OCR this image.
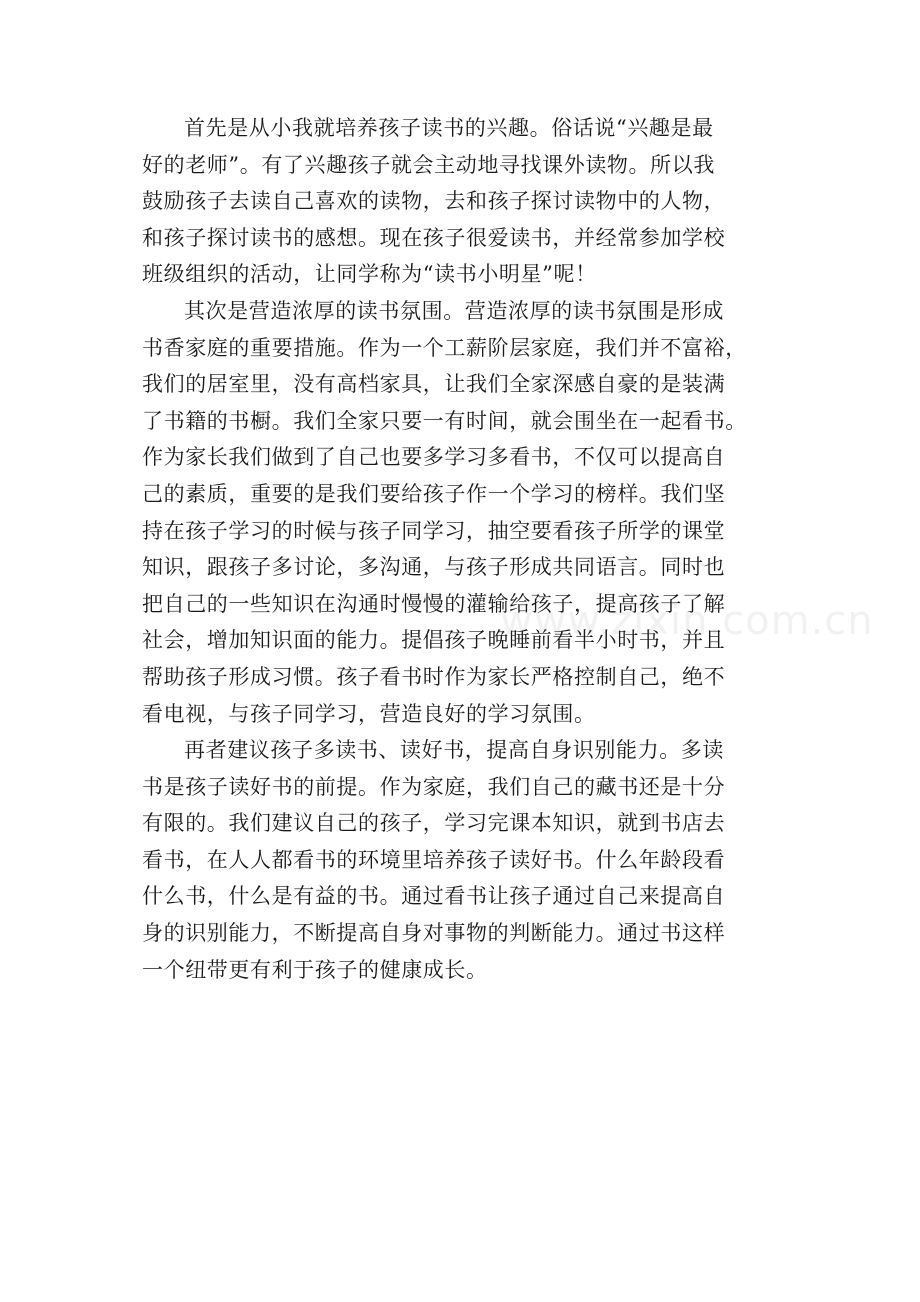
首先是从小我就培养孩子读书的兴趣。俗话说“兴趣是最
好的老师”。有了兴趣孩子就会主动地寻找课外读物。所以我
鼓励孩子去读自己喜欢的读物，去和孩子探讨读物中的人物，
和孩子探讨读书的感想。现在孩子很爱读书，并经常参加学校
班级组织的活动，让同学称为“读书小明星”呢！

其次是营造浓厚的读书氛围。营造浓厚的读书氛围是形成
书香家庭的重要措施。作为一个工薪阶层家庭，我们并不富裕，
我们的居室里，没有高档家具，让我们全家深感自豪的是装满
了书籍的书橱。我们全家只要一有时间，就会围坐在一起看书。
作为家长我们做到了自己也要多学习多看书，不仅可以提高自
己的素质，重要的是我们要给孩子作一个学习的榜样。我们坚
持在孩子学习的时候与孩子同学习，抽空要看孩子所学的课堂
知识，跟孩子多讨论，多沟通，与孩子形成共同语言。同时也
把自己的一些知识在沟通时慢慢的灌输给孩子，提高孩子了解
社会，增加知识面的能力。提倡孩子晚睡前看半小时书，并且
帮助孩子形成习惯。孩子看书时作为家长严格控制自己，绝不
看电视，与孩子同学习，营造良好的学习氛围。

再者建议孩子多读书、读好书，提高自身识别能力。多读
书是孩子读好书的前提。作为家庭，我们自己的藏书还是十分
有限的。我们建议自己的孩子，学习完课本知识，就到书店去
看书，在人人都看书的环境里培养孩子读好书。什么年龄段看
什么书，什么是有益的书。通过看书让孩子通过自己来提高自
身的识别能力，不断提高自身对事物的判断能力。通过书这样
一个纽带更有利于孩子的健康成长。

www.zixin.com.cn
